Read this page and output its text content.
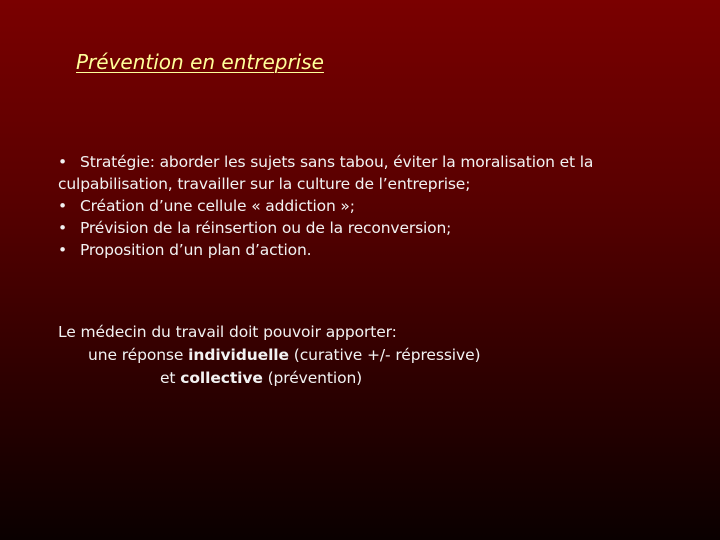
Prévention en entreprise
• Stratégie: aborder les sujets sans tabou, éviter la moralisation et la
culpabilisation, travailler sur la culture de l’entreprise;
• Création d’une cellule « addiction »;
• Prévision de la réinsertion ou de la reconversion;
• Proposition d’un plan d’action.
Le médecin du travail doit pouvoir apporter:
une réponse individuelle (curative +/- répressive)
et collective (prévention)
